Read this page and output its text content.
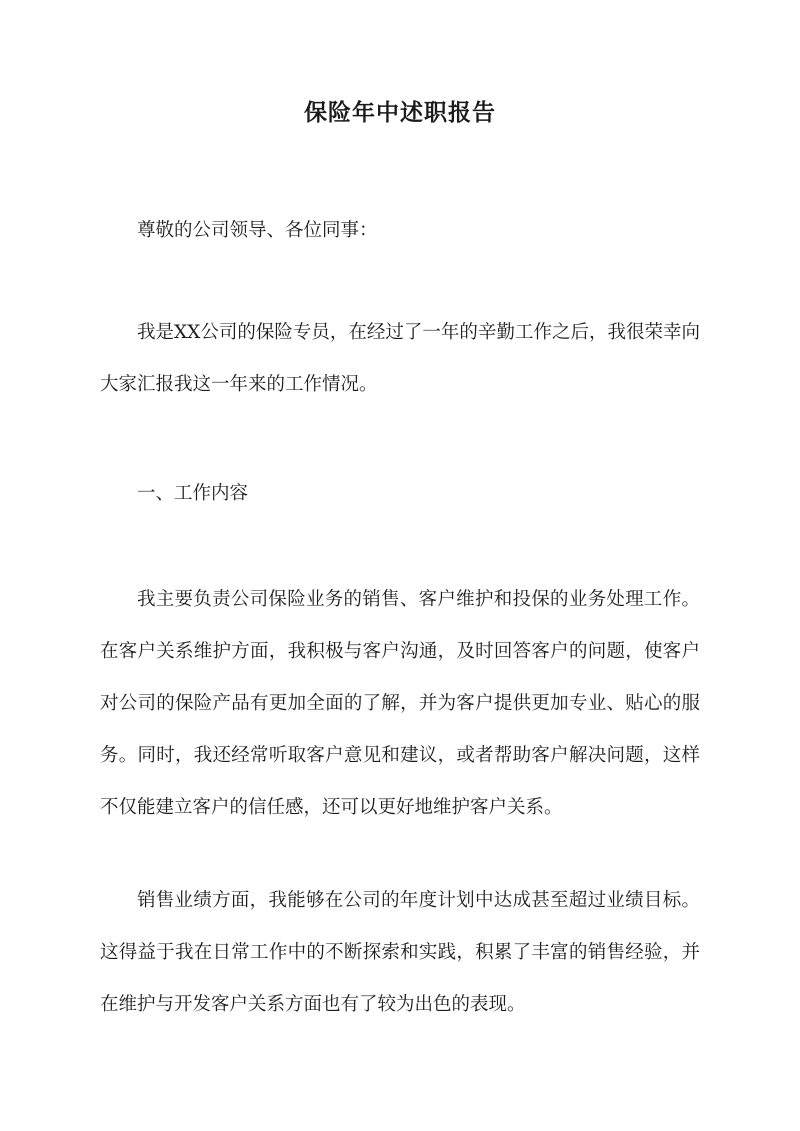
保险年中述职报告

尊敬的公司领导、各位同事：

我是XX公司的保险专员，在经过了一年的辛勤工作之后，我很荣幸向大家汇报我这一年来的工作情况。

一、工作内容

我主要负责公司保险业务的销售、客户维护和投保的业务处理工作。在客户关系维护方面，我积极与客户沟通，及时回答客户的问题，使客户对公司的保险产品有更加全面的了解，并为客户提供更加专业、贴心的服务。同时，我还经常听取客户意见和建议，或者帮助客户解决问题，这样不仅能建立客户的信任感，还可以更好地维护客户关系。

销售业绩方面，我能够在公司的年度计划中达成甚至超过业绩目标。这得益于我在日常工作中的不断探索和实践，积累了丰富的销售经验，并在维护与开发客户关系方面也有了较为出色的表现。
